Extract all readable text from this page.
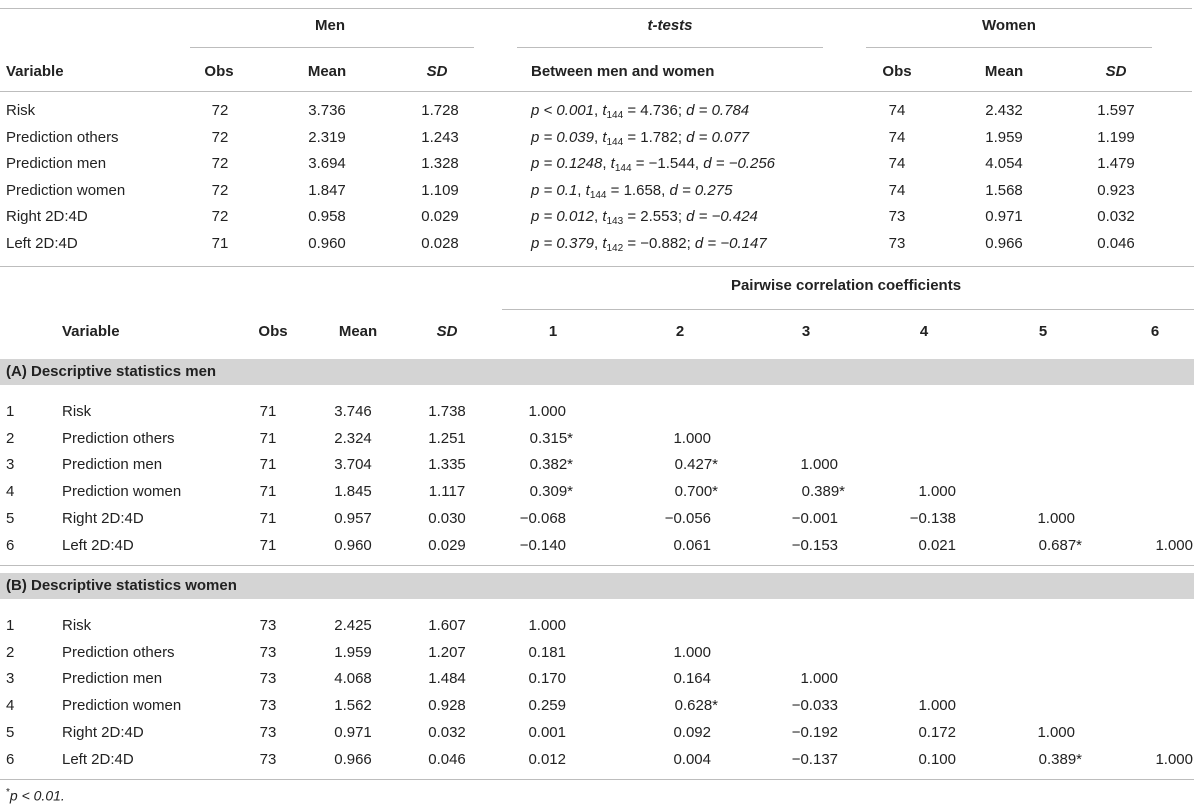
Men	t-tests	Women
Variable	Obs	Mean	SD	Between men and women	Obs	Mean	SD
Risk	72	3.736	1.728	p < 0.001, $t_{144} = 4.736$; d = 0.784	74	2.432	1.597
Prediction others	72	2.319	1.243	p = 0.039, $t_{144} = 1.782$; d = 0.077	74	1.959	1.199
Prediction men	72	3.694	1.328	p = 0.1248, $t_{144} = -1.544$, d = −0.256	74	4.054	1.479
Prediction women	72	1.847	1.109	p = 0.1, $t_{144} = 1.658$, d = 0.275	74	1.568	0.923
Right 2D:4D	72	0.958	0.029	p = 0.012, $t_{143} = 2.553$; d = −0.424	73	0.971	0.032
Left 2D:4D	71	0.960	0.028	p = 0.379, $t_{142} = -0.882$; d = −0.147	73	0.966	0.046
Pairwise correlation coefficients
Variable	Obs	Mean	SD	1	2	3	4	5	6
(A) Descriptive statistics men
1	Risk	71	3.746	1.738	1.000
2	Prediction others	71	2.324	1.251	0.315*	1.000
3	Prediction men	71	3.704	1.335	0.382*	0.427*	1.000
4	Prediction women	71	1.845	1.117	0.309*	0.700*	0.389*	1.000
5	Right 2D:4D	71	0.957	0.030	−0.068	−0.056	−0.001	−0.138	1.000
6	Left 2D:4D	71	0.960	0.029	−0.140	0.061	−0.153	0.021	0.687*	1.000
(B) Descriptive statistics women
1	Risk	73	2.425	1.607	1.000
2	Prediction others	73	1.959	1.207	0.181	1.000
3	Prediction men	73	4.068	1.484	0.170	0.164	1.000
4	Prediction women	73	1.562	0.928	0.259	0.628*	−0.033	1.000
5	Right 2D:4D	73	0.971	0.032	0.001	0.092	−0.192	0.172	1.000
6	Left 2D:4D	73	0.966	0.046	0.012	0.004	−0.137	0.100	0.389*	1.000
*p < 0.01.
